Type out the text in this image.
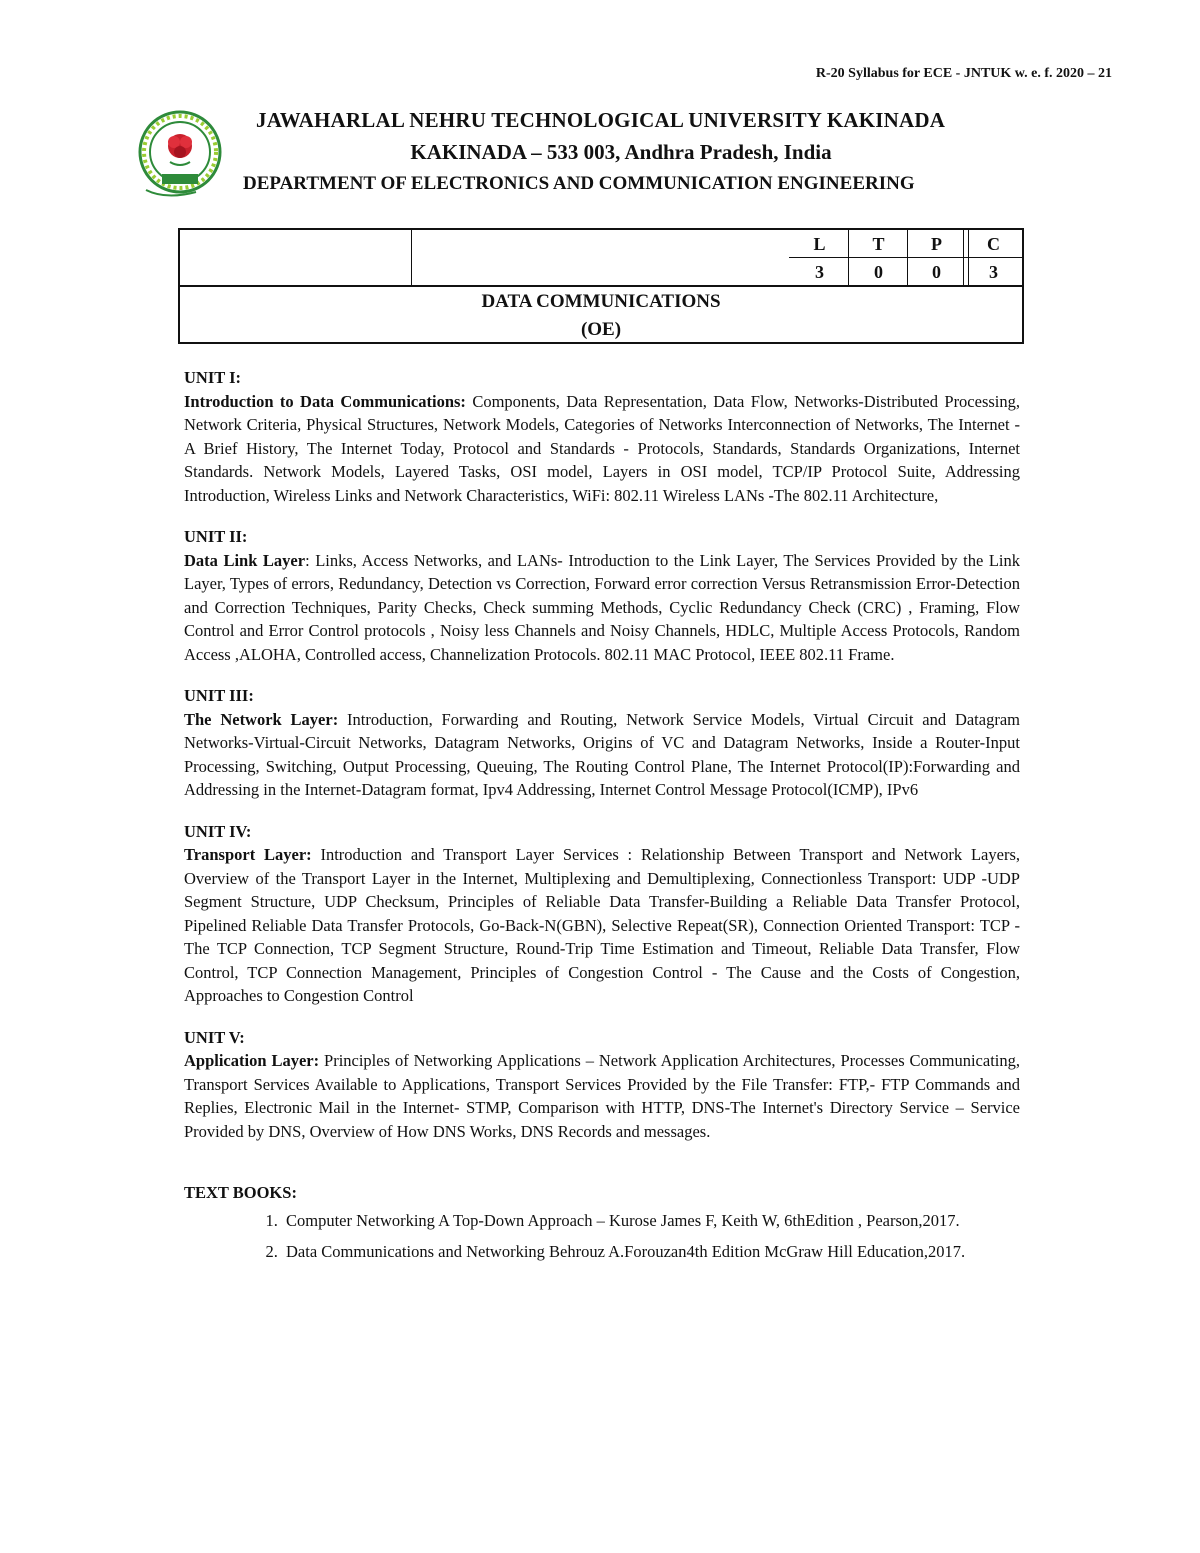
R-20 Syllabus for ECE - JNTUK w. e. f. 2020 – 21
JAWAHARLAL NEHRU TECHNOLOGICAL UNIVERSITY KAKINADA
KAKINADA – 533 003, Andhra Pradesh, India
DEPARTMENT OF ELECTRONICS AND COMMUNICATION ENGINEERING
L	T	P	C
3	0	0	3
DATA COMMUNICATIONS
(OE)

UNIT I:

Introduction to Data Communications: Components, Data Representation, Data Flow, Networks-Distributed Processing, Network Criteria, Physical Structures, Network Models, Categories of Networks Interconnection of Networks, The Internet - A Brief History, The Internet Today, Protocol and Standards - Protocols, Standards, Standards Organizations, Internet Standards. Network Models, Layered Tasks, OSI model, Layers in OSI model, TCP/IP Protocol Suite, Addressing Introduction, Wireless Links and Network Characteristics, WiFi: 802.11 Wireless LANs -The 802.11 Architecture,

UNIT II:

Data Link Layer: Links, Access Networks, and LANs- Introduction to the Link Layer, The Services Provided by the Link Layer, Types of errors, Redundancy, Detection vs Correction, Forward error correction Versus Retransmission Error-Detection and Correction Techniques, Parity Checks, Check summing Methods, Cyclic Redundancy Check (CRC) , Framing, Flow Control and Error Control protocols , Noisy less Channels and Noisy Channels, HDLC, Multiple Access Protocols, Random Access ,ALOHA, Controlled access, Channelization Protocols. 802.11 MAC Protocol, IEEE 802.11 Frame.

UNIT III:

The Network Layer: Introduction, Forwarding and Routing, Network Service Models, Virtual Circuit and Datagram Networks-Virtual-Circuit Networks, Datagram Networks, Origins of VC and Datagram Networks, Inside a Router-Input Processing, Switching, Output Processing, Queuing, The Routing Control Plane, The Internet Protocol(IP):Forwarding and Addressing in the Internet-Datagram format, Ipv4 Addressing, Internet Control Message Protocol(ICMP), IPv6

UNIT IV:

Transport Layer: Introduction and Transport Layer Services : Relationship Between Transport and Network Layers, Overview of the Transport Layer in the Internet, Multiplexing and Demultiplexing, Connectionless Transport: UDP -UDP Segment Structure, UDP Checksum, Principles of Reliable Data Transfer-Building a Reliable Data Transfer Protocol, Pipelined Reliable Data Transfer Protocols, Go-Back-N(GBN), Selective Repeat(SR), Connection Oriented Transport: TCP - The TCP Connection, TCP Segment Structure, Round-Trip Time Estimation and Timeout, Reliable Data Transfer, Flow Control, TCP Connection Management, Principles of Congestion Control - The Cause and the Costs of Congestion, Approaches to Congestion Control

UNIT V:

Application Layer: Principles of Networking Applications – Network Application Architectures, Processes Communicating, Transport Services Available to Applications, Transport Services Provided by the File Transfer: FTP,- FTP Commands and Replies, Electronic Mail in the Internet- STMP, Comparison with HTTP, DNS-The Internet's Directory Service – Service Provided by DNS, Overview of How DNS Works, DNS Records and messages.

TEXT BOOKS:

1. Computer Networking A Top-Down Approach – Kurose James F, Keith W, 6thEdition , Pearson,2017.
2. Data Communications and Networking Behrouz A.Forouzan4th Edition McGraw Hill Education,2017.
